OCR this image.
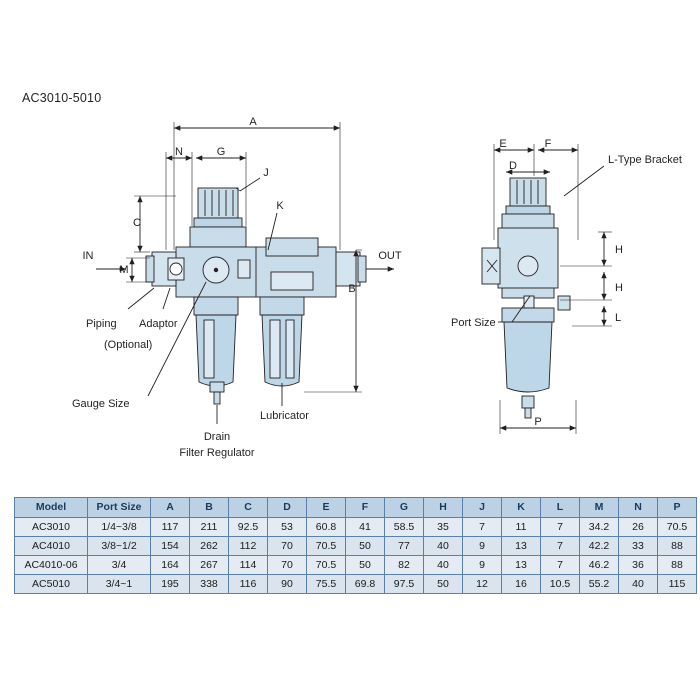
AC3010-5010
A
N	G
C
M
J
K
B
IN	OUT
Piping Adaptor
(Optional)
Gauge Size
Drain
Filter Regulator
Lubricator
E	F
D
H
H
L
P
L-Type Bracket
Port Size
Model	Port Size	A	B	C	D	E	F	G	H	J	K	L	M	N	P
AC3010	1/4~3/8	117	211	92.5	53	60.8	41	58.5	35	7	11	7	34.2	26	70.5
AC4010	3/8~1/2	154	262	112	70	70.5	50	77	40	9	13	7	42.2	33	88
AC4010-06	3/4	164	267	114	70	70.5	50	82	40	9	13	7	46.2	36	88
AC5010	3/4~1	195	338	116	90	75.5	69.8	97.5	50	12	16	10.5	55.2	40	115
